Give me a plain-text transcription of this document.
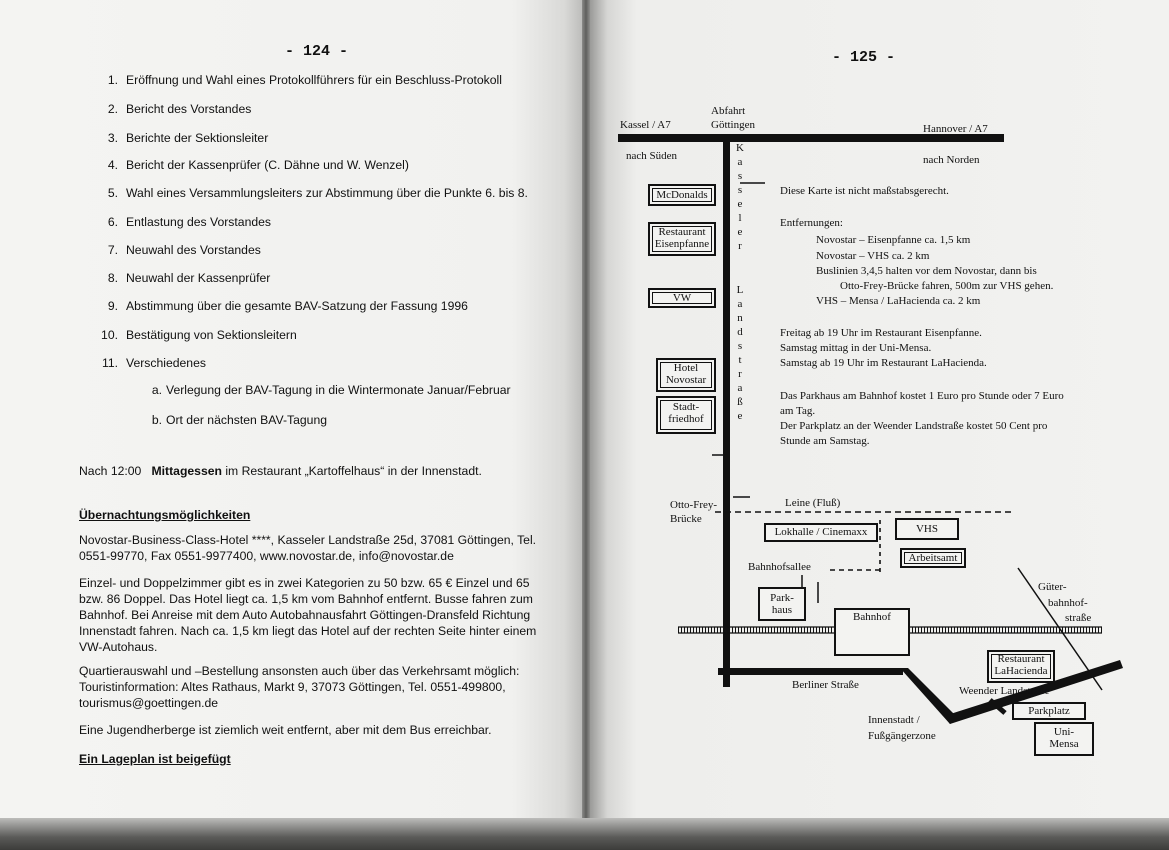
- 124 -
1. Eröffnung und Wahl eines Protokollführers für ein Beschluss-Protokoll
2. Bericht des Vorstandes
3. Berichte der Sektionsleiter
4. Bericht der Kassenprüfer (C. Dähne und W. Wenzel)
5. Wahl eines Versammlungsleiters zur Abstimmung über die Punkte 6. bis 8.
6. Entlastung des Vorstandes
7. Neuwahl des Vorstandes
8. Neuwahl der Kassenprüfer
9. Abstimmung über die gesamte BAV-Satzung der Fassung 1996
10. Bestätigung von Sektionsleitern
11. Verschiedenes
a. Verlegung der BAV-Tagung in die Wintermonate Januar/Februar
b. Ort der nächsten BAV-Tagung
Nach 12:00 Mittagessen im Restaurant „Kartoffelhaus“ in der Innenstadt.
Übernachtungsmöglichkeiten
Novostar-Business-Class-Hotel ****, Kasseler Landstraße 25d, 37081 Göttingen, Tel.
0551-99770, Fax 0551-9977400, www.novostar.de, info@novostar.de
Einzel- und Doppelzimmer gibt es in zwei Kategorien zu 50 bzw. 65 € Einzel und 65
bzw. 86 Doppel. Das Hotel liegt ca. 1,5 km vom Bahnhof entfernt. Busse fahren zum
Bahnhof. Bei Anreise mit dem Auto Autobahnausfahrt Göttingen-Dransfeld Richtung
Innenstadt fahren. Nach ca. 1,5 km liegt das Hotel auf der rechten Seite hinter einem
VW-Autohaus.
Quartierauswahl und –Bestellung ansonsten auch über das Verkehrsamt möglich:
Touristinformation: Altes Rathaus, Markt 9, 37073 Göttingen, Tel. 0551-499800,
tourismus@goettingen.de
Eine Jugendherberge ist ziemlich weit entfernt, aber mit dem Bus erreichbar.
Ein Lageplan ist beigefügt
- 125 -
Kassel / A7
Abfahrt
Göttingen	Hannover / A7
nach Süden	nach Norden
K
a
s
s
e
l
e
r
L
a
n
d
s
t
r
a
ß
e
McDonalds
Restaurant
Eisenpfanne
VW
Hotel
Novostar
Stadt-
friedhof
Diese Karte ist nicht maßstabsgerecht.
Entfernungen:
Novostar – Eisenpfanne ca. 1,5 km
Novostar – VHS ca. 2 km
Buslinien 3,4,5 halten vor dem Novostar, dann bis
Otto-Frey-Brücke fahren, 500m zur VHS gehen.
VHS – Mensa / LaHacienda ca. 2 km
Freitag ab 19 Uhr im Restaurant Eisenpfanne.
Samstag mittag in der Uni-Mensa.
Samstag ab 19 Uhr im Restaurant LaHacienda.
Das Parkhaus am Bahnhof kostet 1 Euro pro Stunde oder 7 Euro
am Tag.
Der Parkplatz an der Weender Landstraße kostet 50 Cent pro
Stunde am Samstag.
Otto-Frey-
Brücke
Leine (Fluß)
Lokhalle / Cinemaxx	VHS
Arbeitsamt
Bahnhofsallee
Güter-
bahnhof-
straße
Park-
haus
Bahnhof
Restaurant
LaHacienda
Berliner Straße	Weender Landstraße
Parkplatz
Uni-
Mensa
Innenstadt /
Fußgängerzone
